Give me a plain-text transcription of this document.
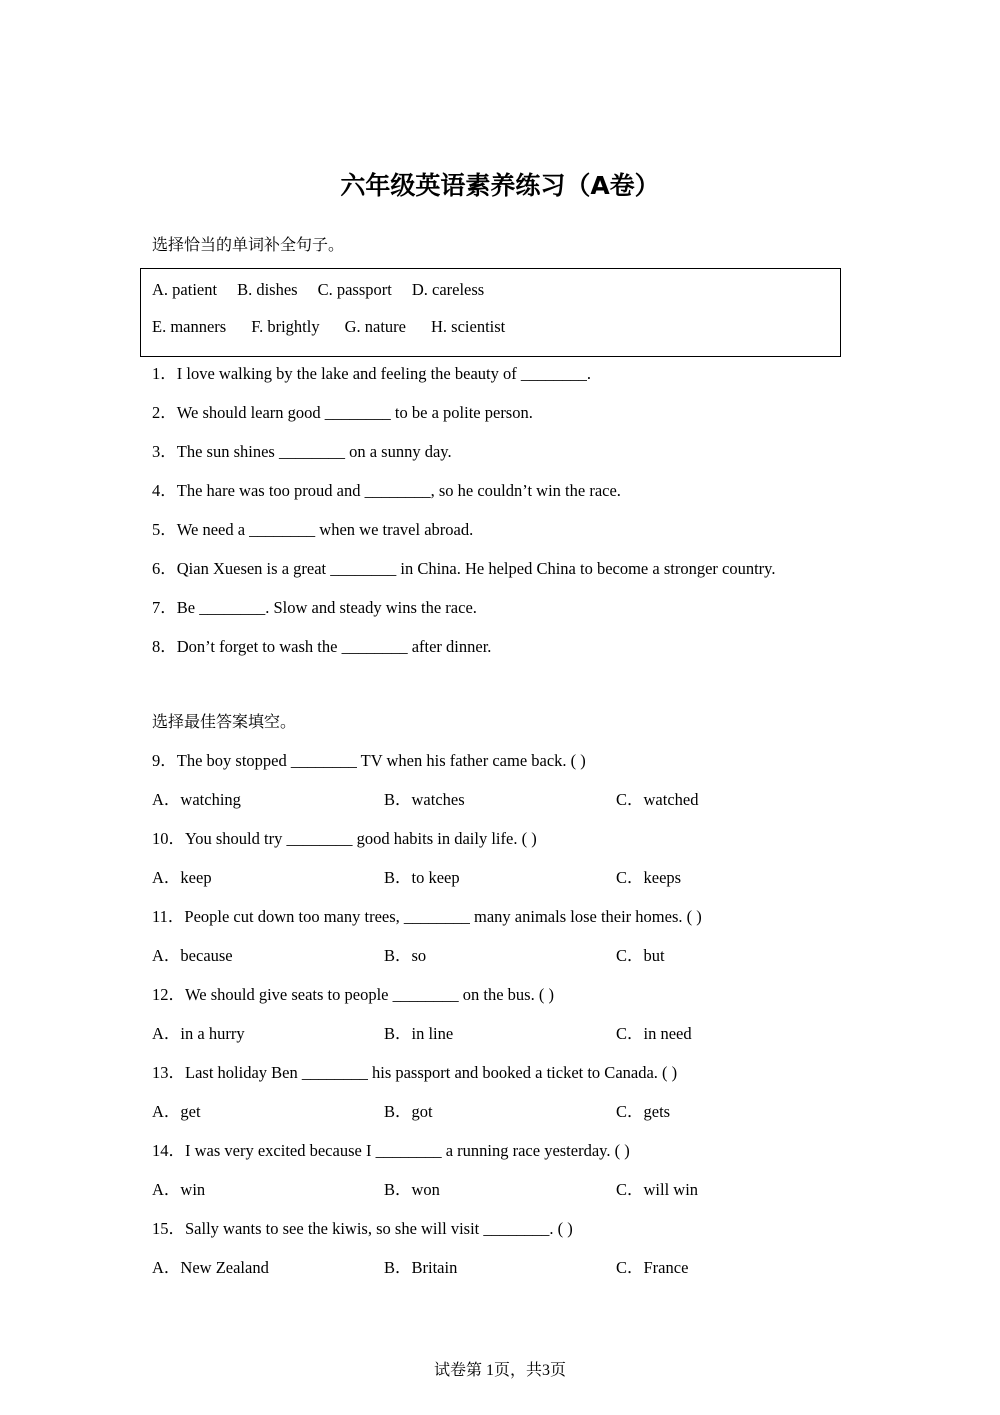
六年级英语素养练习（A卷）
选择恰当的单词补全句子。
A. patient B. dishes C. passport D. careless
E. manners F. brightly G. nature H. scientist
1．I love walking by the lake and feeling the beauty of ________.
2．We should learn good ________ to be a polite person.
3．The sun shines ________ on a sunny day.
4．The hare was too proud and ________, so he couldn’t win the race.
5．We need a ________ when we travel abroad.
6．Qian Xuesen is a great ________ in China. He helped China to become a stronger country.
7．Be ________. Slow and steady wins the race.
8．Don’t forget to wash the ________ after dinner.
选择最佳答案填空。
9．The boy stopped ________ TV when his father came back. ( )
A．watching	B．watches	C．watched
10．You should try ________ good habits in daily life. ( )
A．keep	B．to keep	C．keeps
11．People cut down too many trees, ________ many animals lose their homes. ( )
A．because	B．so	C．but
12．We should give seats to people ________ on the bus. ( )
A．in a hurry	B．in line	C．in need
13．Last holiday Ben ________ his passport and booked a ticket to Canada. ( )
A．get	B．got	C．gets
14．I was very excited because I ________ a running race yesterday. ( )
A．win	B．won	C．will win
15．Sally wants to see the kiwis, so she will visit ________. ( )
A．New Zealand	B．Britain	C．France
试卷第 1页，共3页
